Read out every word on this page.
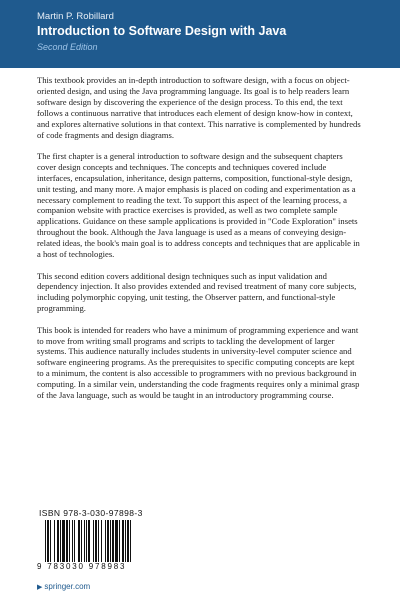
Martin P. Robillard
Introduction to Software Design with Java
Second Edition

This textbook provides an in-depth introduction to software design, with a focus on object-oriented design, and using the Java programming language. Its goal is to help readers learn software design by discovering the experience of the design process. To this end, the text follows a continuous narrative that introduces each element of design know-how in context, and explores alternative solutions in that context. This narrative is complemented by hundreds of code fragments and design diagrams.

The first chapter is a general introduction to software design and the subsequent chapters cover design concepts and techniques. The concepts and techniques covered include interfaces, encapsulation, inheritance, design patterns, composition, functional-style design, unit testing, and many more. A major emphasis is placed on coding and experimentation as a necessary complement to reading the text. To support this aspect of the learning process, a companion website with practice exercises is provided, as well as two complete sample applications. Guidance on these sample applications is provided in "Code Exploration" insets throughout the book. Although the Java language is used as a means of conveying design-related ideas, the book's main goal is to address concepts and techniques that are applicable in a host of technologies.

This second edition covers additional design techniques such as input validation and dependency injection. It also provides extended and revised treatment of many core subjects, including polymorphic copying, unit testing, the Observer pattern, and functional-style programming.

This book is intended for readers who have a minimum of programming experience and want to move from writing small programs and scripts to tackling the development of larger systems. This audience naturally includes students in university-level computer science and software engineering programs. As the prerequisites to specific computing concepts are kept to a minimum, the content is also accessible to programmers with no previous background in computing. In a similar vein, understanding the code fragments requires only a minimal grasp of the Java language, such as would be taught in an introductory programming course.

ISBN 978-3-030-97898-3
9 783030 978983
▶ springer.com
